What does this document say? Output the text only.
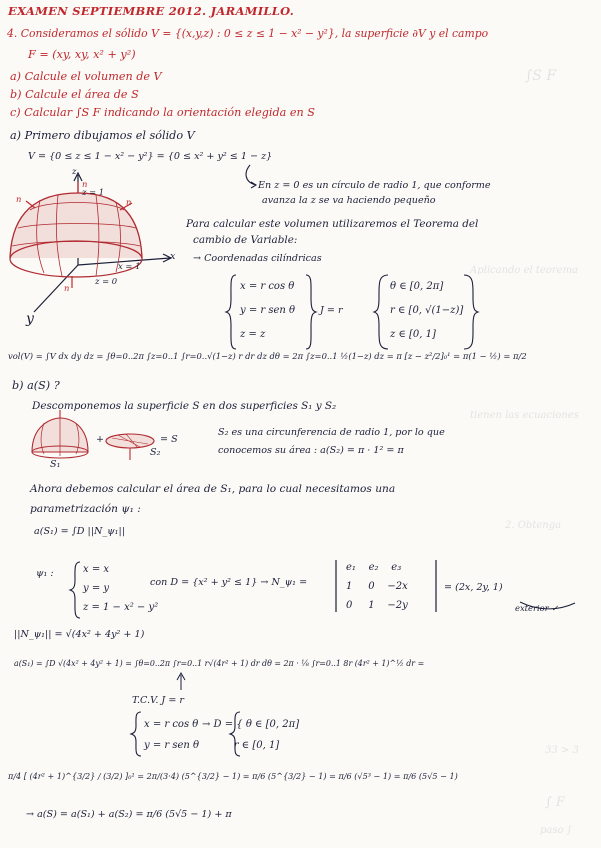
∫S F
Aplicando el teorema
tienen las ecuaciones
2. Obtenga
33 > 3
∫ F
paso ∫
EXAMEN SEPTIEMBRE 2012. JARAMILLO.
4. Consideramos el sólido V = {(x,y,z) : 0 ≤ z ≤ 1 − x² − y²}, la superficie ∂V y el campo
F = (xy, xy, x² + y²)
a) Calcule el volumen de V
b) Calcule el área de S
c) Calcular ∫S F indicando la orientación elegida en S
a) Primero dibujamos el sólido V
V = {0 ≤ z ≤ 1 − x² − y²} = {0 ≤ x² + y² ≤ 1 − z}
z
z = 1
z = 0
x = 1
x
y
n
n
n
n
En z = 0 es un círculo de radio 1, que conforme
avanza la z se va haciendo pequeño
Para calcular este volumen utilizaremos el Teorema del
cambio de Variable:
→ Coordenadas cilíndricas
x = r cos θ
y = r sen θ
z = z
J = r
θ ∈ [0, 2π]
r ∈ [0, √(1−z)]
z ∈ [0, 1]
vol(V) = ∫V dx dy dz = ∫θ=0..2π ∫z=0..1 ∫r=0..√(1−z) r dr dz dθ = 2π ∫z=0..1 ½(1−z) dz = π [z − z²/2]₀¹ = π(1 − ½) = π/2
b) a(S) ?
Descomponemos la superficie S en dos superficies S₁ y S₂
S₁
+
S₂
= S
S₂ es una circunferencia de radio 1, por lo que
conocemos su área : a(S₂) = π · 1² = π
Ahora debemos calcular el área de S₁, para lo cual necesitamos una
parametrización ψ₁ :
a(S₁) = ∫D ||N_ψ₁||
ψ₁ :	x = x
y = y
z = 1 − x² − y²
con D = {x² + y² ≤ 1} → N_ψ₁ =
e₁    e₂    e₃
1     0    −2x
0     1    −2y
= (2x, 2y, 1)
exterior ✓
||N_ψ₁|| = √(4x² + 4y² + 1)
a(S₁) = ∫D √(4x² + 4y² + 1) = ∫θ=0..2π ∫r=0..1 r√(4r² + 1) dr dθ = 2π · ⅛ ∫r=0..1 8r (4r² + 1)^½ dr =
T.C.V. J = r
x = r cos θ
y = r sen θ
→ D = { θ ∈ [0, 2π]
r ∈ [0, 1]
π/4 [ (4r² + 1)^{3/2} / (3/2) ]₀¹ = 2π/(3·4) (5^{3/2} − 1) = π/6 (5^{3/2} − 1) = π/6 (√5³ − 1) = π/6 (5√5 − 1)
→ a(S) = a(S₁) + a(S₂) = π/6 (5√5 − 1) + π
